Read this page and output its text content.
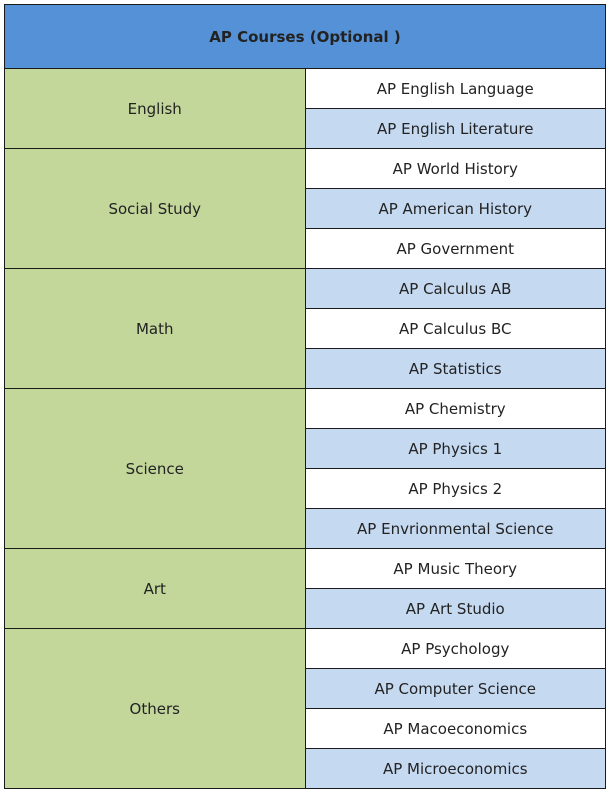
AP Courses (Optional )	
English	AP English Language
	AP English Literature
Social Study	AP World History
	AP American History
	AP Government
Math	AP Calculus AB
	AP Calculus BC
	AP Statistics
Science	AP Chemistry
	AP Physics 1
	AP Physics 2
	AP Envrionmental Science
Art	AP Music Theory
	AP Art Studio
Others	AP Psychology
	AP Computer Science
	AP Macoeconomics
	AP Microeconomics
